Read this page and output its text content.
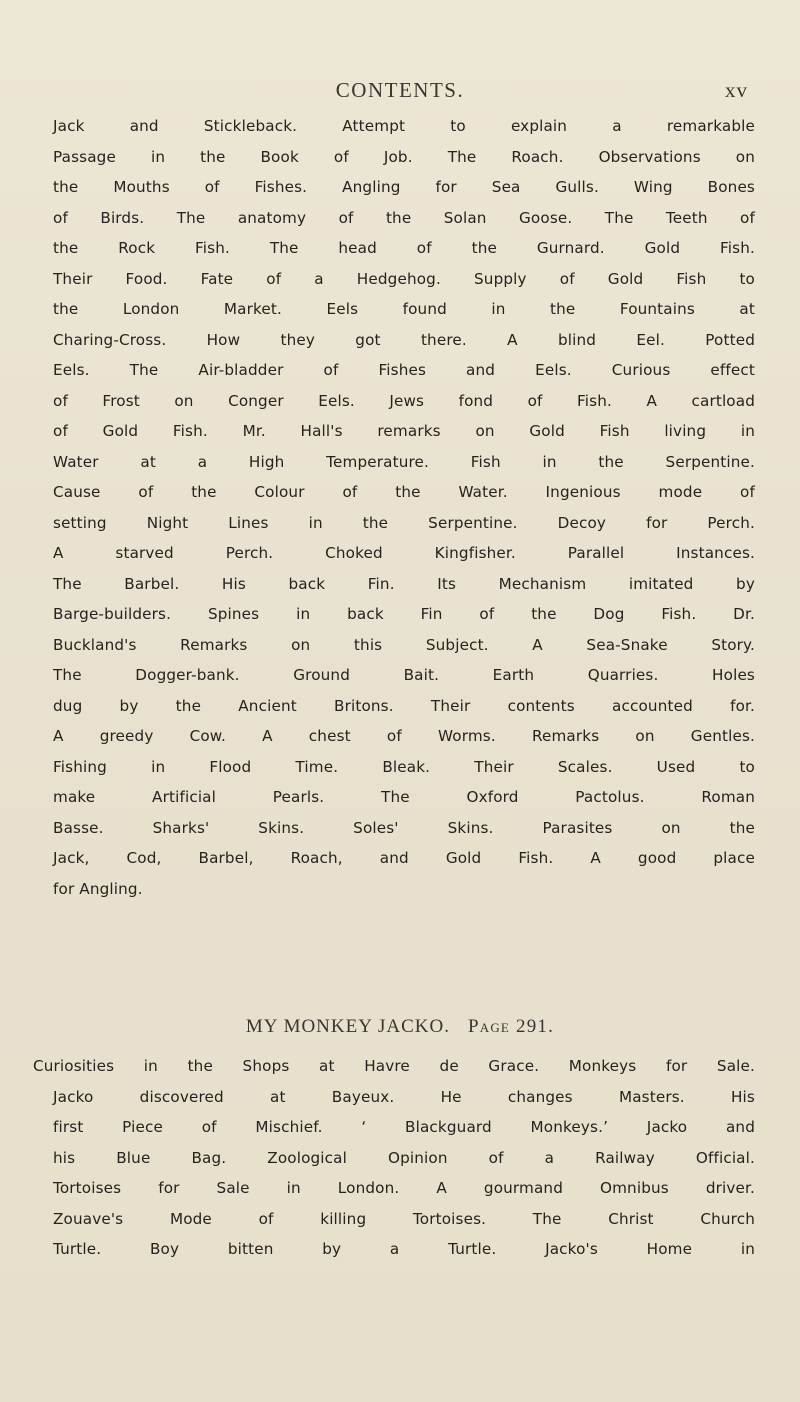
CONTENTS.	xv
Jack and Stickleback. Attempt to explain a remarkable
Passage in the Book of Job. The Roach. Observations on
the Mouths of Fishes. Angling for Sea Gulls. Wing Bones
of Birds. The anatomy of the Solan Goose. The Teeth of
the Rock Fish. The head of the Gurnard. Gold Fish.
Their Food. Fate of a Hedgehog. Supply of Gold Fish to
the London Market. Eels found in the Fountains at
Charing-Cross. How they got there. A blind Eel. Potted
Eels. The Air-bladder of Fishes and Eels. Curious effect
of Frost on Conger Eels. Jews fond of Fish. A cartload
of Gold Fish. Mr. Hall's remarks on Gold Fish living in
Water at a High Temperature. Fish in the Serpentine.
Cause of the Colour of the Water. Ingenious mode of
setting Night Lines in the Serpentine. Decoy for Perch.
A starved Perch. Choked Kingfisher. Parallel Instances.
The Barbel. His back Fin. Its Mechanism imitated by
Barge-builders. Spines in back Fin of the Dog Fish. Dr.
Buckland's Remarks on this Subject. A Sea-Snake Story.
The Dogger-bank. Ground Bait. Earth Quarries. Holes
dug by the Ancient Britons. Their contents accounted for.
A greedy Cow. A chest of Worms. Remarks on Gentles.
Fishing in Flood Time. Bleak. Their Scales. Used to
make Artificial Pearls. The Oxford Pactolus. Roman
Basse. Sharks' Skins. Soles' Skins. Parasites on the
Jack, Cod, Barbel, Roach, and Gold Fish. A good place
for Angling.
MY MONKEY JACKO. Page 291.
Curiosities in the Shops at Havre de Grace. Monkeys for Sale.
Jacko discovered at Bayeux. He changes Masters. His
first Piece of Mischief. ‘ Blackguard Monkeys.’ Jacko and
his Blue Bag. Zoological Opinion of a Railway Official.
Tortoises for Sale in London. A gourmand Omnibus driver.
Zouave's Mode of killing Tortoises. The Christ Church
Turtle. Boy bitten by a Turtle. Jacko's Home in
